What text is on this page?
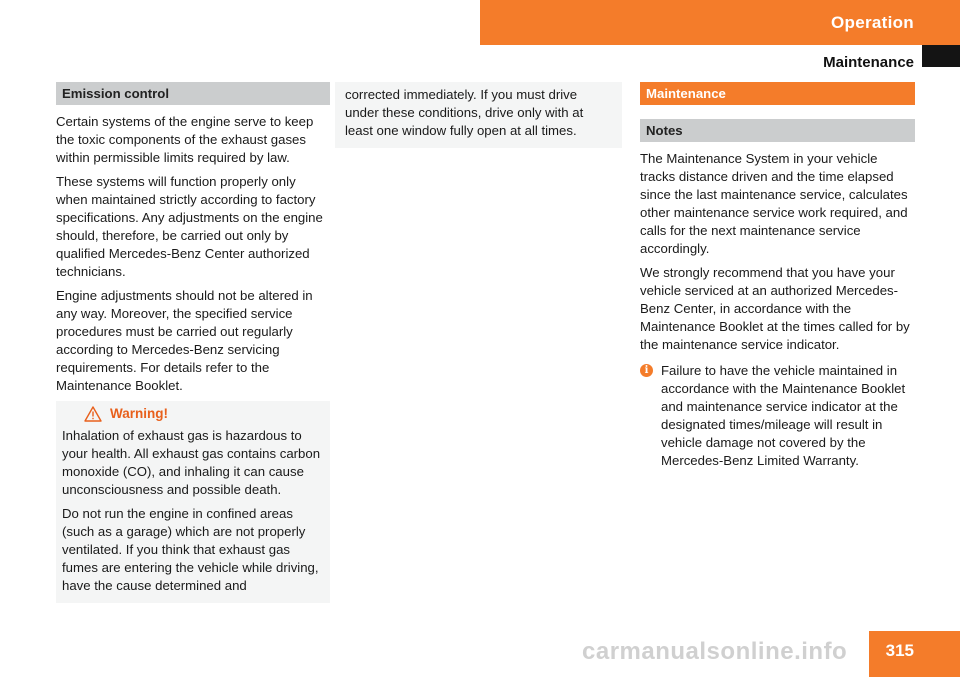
Operation
Maintenance
Emission control

Certain systems of the engine serve to keep the toxic components of the exhaust gases within permissible limits required by law.

These systems will function properly only when maintained strictly according to factory specifications. Any adjustments on the engine should, therefore, be carried out only by qualified Mercedes-Benz Center authorized technicians.

Engine adjustments should not be altered in any way. Moreover, the specified service procedures must be carried out regularly according to Mercedes-Benz servicing requirements. For details refer to the Maintenance Booklet.

Warning!

Inhalation of exhaust gas is hazardous to your health. All exhaust gas contains carbon monoxide (CO), and inhaling it can cause unconsciousness and possible death.

Do not run the engine in confined areas (such as a garage) which are not properly ventilated. If you think that exhaust gas fumes are entering the vehicle while driving, have the cause determined and

corrected immediately. If you must drive under these conditions, drive only with at least one window fully open at all times.

Maintenance
Notes

The Maintenance System in your vehicle tracks distance driven and the time elapsed since the last maintenance service, calculates other maintenance service work required, and calls for the next maintenance service accordingly.

We strongly recommend that you have your vehicle serviced at an authorized Mercedes-Benz Center, in accordance with the Maintenance Booklet at the times called for by the maintenance service indicator.

i Failure to have the vehicle maintained in accordance with the Maintenance Booklet and maintenance service indicator at the designated times/mileage will result in vehicle damage not covered by the Mercedes-Benz Limited Warranty.
carmanualsonline.info 315
